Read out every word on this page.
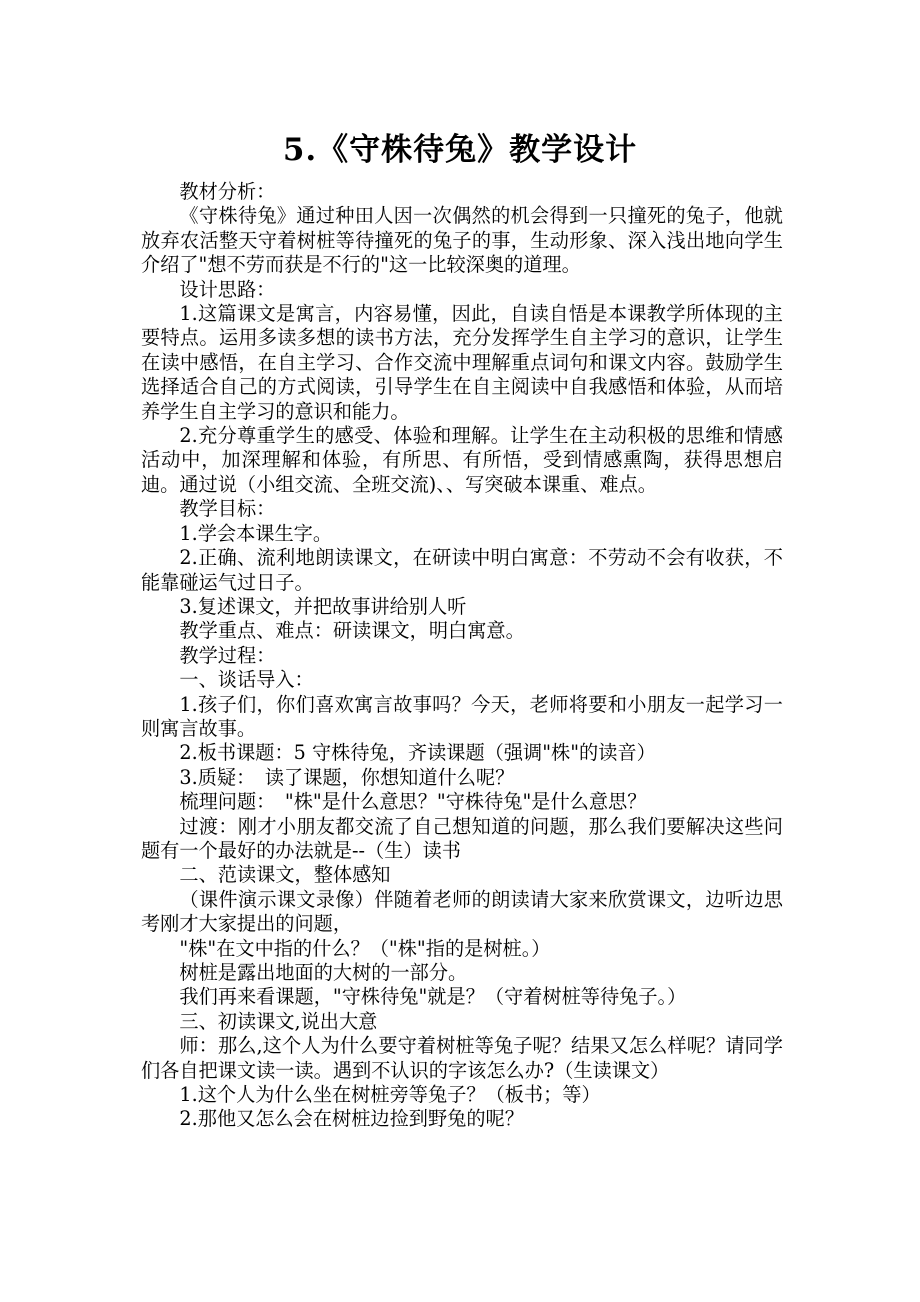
5.《守株待兔》教学设计

教材分析：

《守株待兔》通过种田人因一次偶然的机会得到一只撞死的兔子，他就放弃农活整天守着树桩等待撞死的兔子的事，生动形象、深入浅出地向学生介绍了"想不劳而获是不行的"这一比较深奥的道理。

设计思路：

1.这篇课文是寓言，内容易懂，因此，自读自悟是本课教学所体现的主要特点。运用多读多想的读书方法，充分发挥学生自主学习的意识，让学生在读中感悟，在自主学习、合作交流中理解重点词句和课文内容。鼓励学生选择适合自己的方式阅读，引导学生在自主阅读中自我感悟和体验，从而培养学生自主学习的意识和能力。

2.充分尊重学生的感受、体验和理解。让学生在主动积极的思维和情感活动中，加深理解和体验，有所思、有所悟，受到情感熏陶，获得思想启迪。通过说（小组交流、全班交流)、、写突破本课重、难点。

教学目标：

1.学会本课生字。

2.正确、流利地朗读课文，在研读中明白寓意：不劳动不会有收获，不能靠碰运气过日子。

3.复述课文，并把故事讲给别人听

教学重点、难点：研读课文，明白寓意。

教学过程：

一、谈话导入：

1.孩子们，你们喜欢寓言故事吗？今天，老师将要和小朋友一起学习一则寓言故事。

2.板书课题：5 守株待兔，齐读课题（强调"株"的读音）

3.质疑：　读了课题，你想知道什么呢？

梳理问题：　"株"是什么意思？"守株待兔"是什么意思？

过渡：刚才小朋友都交流了自己想知道的问题，那么我们要解决这些问题有一个最好的办法就是--（生）读书

二、范读课文，整体感知

（课件演示课文录像）伴随着老师的朗读请大家来欣赏课文，边听边思考刚才大家提出的问题，

"株"在文中指的什么？（"株"指的是树桩。）

树桩是露出地面的大树的一部分。

我们再来看课题，"守株待兔"就是？（守着树桩等待兔子。）

三、初读课文,说出大意

师：那么,这个人为什么要守着树桩等兔子呢？结果又怎么样呢？请同学们各自把课文读一读。遇到不认识的字该怎么办?（生读课文）

1.这个人为什么坐在树桩旁等兔子？（板书；等）

2.那他又怎么会在树桩边捡到野兔的呢？
